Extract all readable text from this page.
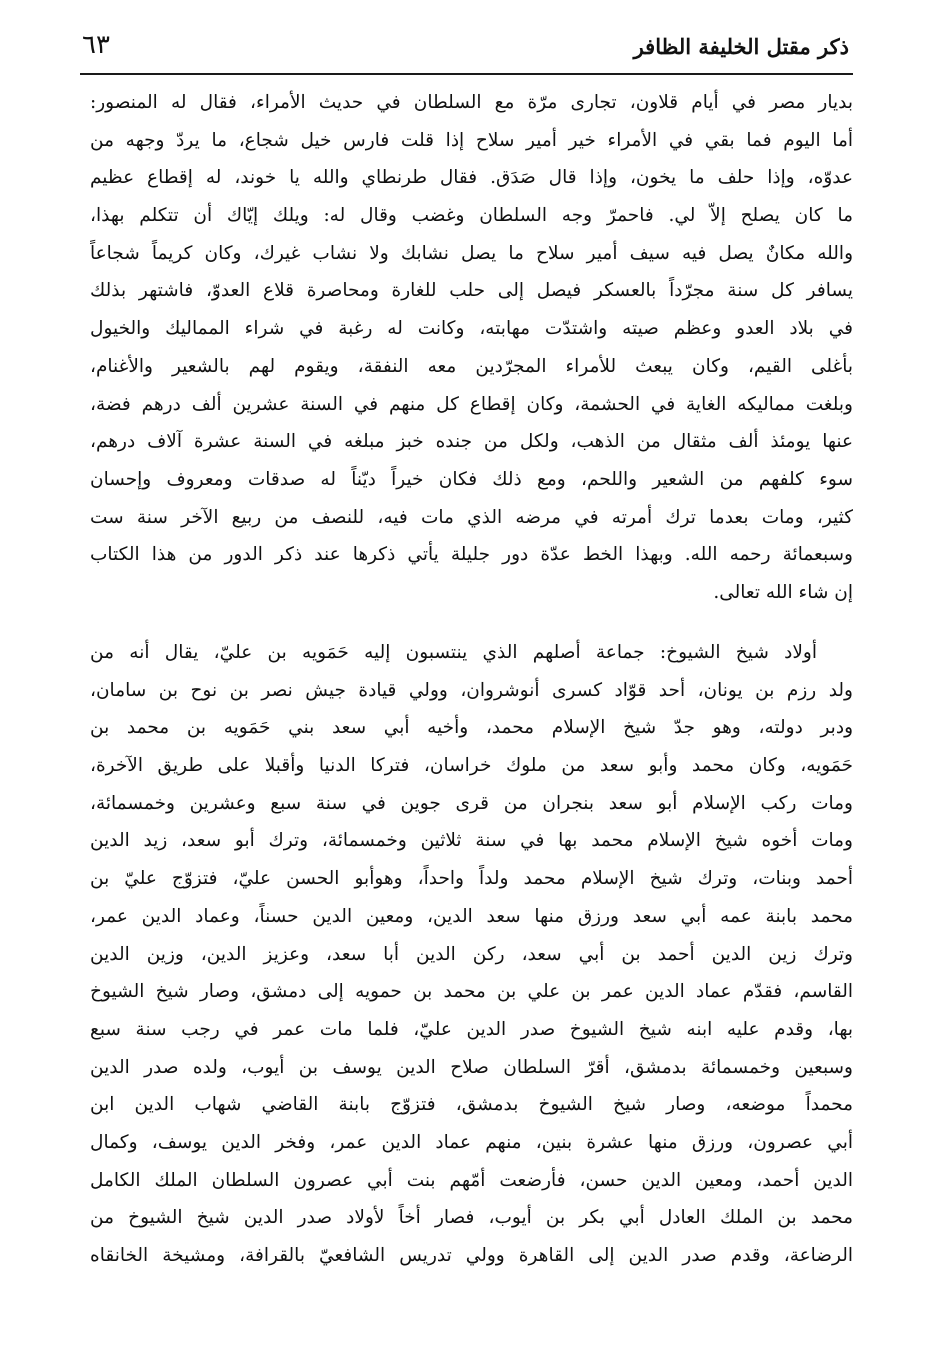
ذكر مقتل الخليفة الظافر
٦٣
بديار مصر في أيام قلاون، تجارى مرّة مع السلطان في حديث الأمراء، فقال له المنصور:
أما اليوم فما بقي في الأمراء خير أمير سلاح إذا قلت فارس خيل شجاع، ما يردّ وجهه من
عدوّه، وإذا حلف ما يخون، وإذا قال صَدَق. فقال طرنطاي والله يا خوند، له إقطاع عظيم
ما كان يصلح إلاّ لي. فاحمرّ وجه السلطان وغضب وقال له: ويلك إيّاك أن تتكلم بهذا،
والله مكانٌ يصل فيه سيف أمير سلاح ما يصل نشابك ولا نشاب غيرك، وكان كريماً شجاعاً
يسافر كل سنة مجرّداً بالعسكر فيصل إلى حلب للغارة ومحاصرة قلاع العدوّ، فاشتهر بذلك
في بلاد العدو وعظم صيته واشتدّت مهابته، وكانت له رغبة في شراء المماليك والخيول
بأغلى القيم، وكان يبعث للأمراء المجرّدين معه النفقة، ويقوم لهم بالشعير والأغنام،
وبلغت مماليكه الغاية في الحشمة، وكان إقطاع كل منهم في السنة عشرين ألف درهم فضة،
عنها يومئذ ألف مثقال من الذهب، ولكل من جنده خبز مبلغه في السنة عشرة آلاف درهم،
سوء كلفهم من الشعير واللحم، ومع ذلك فكان خيراً ديّناً له صدقات ومعروف وإحسان
كثير، ومات بعدما ترك أمرته في مرضه الذي مات فيه، للنصف من ربيع الآخر سنة ست
وسبعمائة رحمه الله. وبهذا الخط عدّة دور جليلة يأتي ذكرها عند ذكر الدور من هذا الكتاب
إن شاء الله تعالى.
أولاد شيخ الشيوخ: جماعة أصلهم الذي ينتسبون إليه حَمَويه بن عليّ، يقال أنه من
ولد رزم بن يونان، أحد قوّاد كسرى أنوشروان، وولي قيادة جيش نصر بن نوح بن سامان،
ودبر دولته، وهو جدّ شيخ الإسلام محمد، وأخيه أبي سعد بني حَمَويه بن محمد بن
حَمَويه، وكان محمد وأبو سعد من ملوك خراسان، فتركا الدنيا وأقبلا على طريق الآخرة،
ومات ركب الإسلام أبو سعد بنجران من قرى جوين في سنة سبع وعشرين وخمسمائة،
ومات أخوه شيخ الإسلام محمد بها في سنة ثلاثين وخمسمائة، وترك أبو سعد، زيد الدين
أحمد وبنات، وترك شيخ الإسلام محمد ولداً واحداً، وهوأبو الحسن عليّ، فتزوّج عليّ بن
محمد بابنة عمه أبي سعد ورزق منها سعد الدين، ومعين الدين حسناً، وعماد الدين عمر،
وترك زين الدين أحمد بن أبي سعد، ركن الدين أبا سعد، وعزيز الدين، وزين الدين
القاسم، فقدّم عماد الدين عمر بن علي بن محمد بن حمويه إلى دمشق، وصار شيخ الشيوخ
بها، وقدم عليه ابنه شيخ الشيوخ صدر الدين عليّ، فلما مات عمر في رجب سنة سبع
وسبعين وخمسمائة بدمشق، أقرّ السلطان صلاح الدين يوسف بن أيوب، ولده صدر الدين
محمداً موضعه، وصار شيخ الشيوخ بدمشق، فتزوّج بابنة القاضي شهاب الدين ابن
أبي عصرون، ورزق منها عشرة بنين، منهم عماد الدين عمر، وفخر الدين يوسف، وكمال
الدين أحمد، ومعين الدين حسن، فأرضعت أمّهم بنت أبي عصرون السلطان الملك الكامل
محمد بن الملك العادل أبي بكر بن أيوب، فصار أخاً لأولاد صدر الدين شيخ الشيوخ من
الرضاعة، وقدم صدر الدين إلى القاهرة وولي تدريس الشافعيّ بالقرافة، ومشيخة الخانقاه
